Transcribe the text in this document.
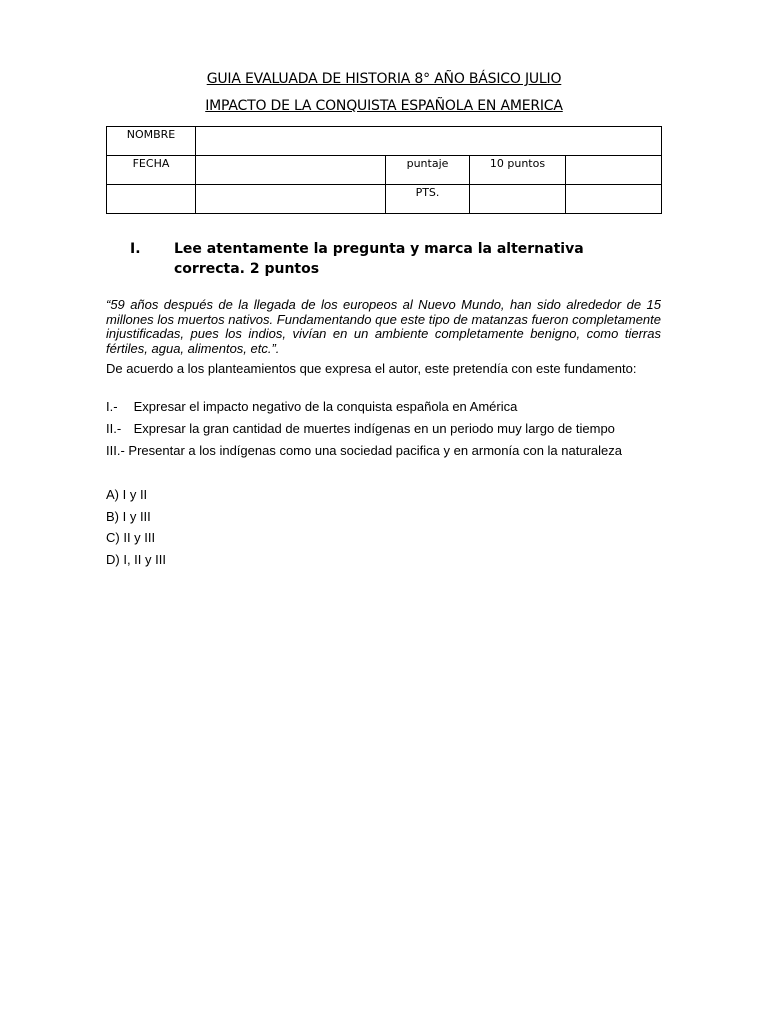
GUIA EVALUADA DE HISTORIA 8° AÑO BÁSICO JULIO
IMPACTO DE LA CONQUISTA ESPAÑOLA EN AMERICA
NOMBRE				
FECHA		puntaje	10 puntos	
		PTS.		
I. Lee atentamente la pregunta y marca la alternativa correcta. 2 puntos
“59 años después de la llegada de los europeos al Nuevo Mundo, han sido alrededor de 15 millones los muertos nativos. Fundamentando que este tipo de matanzas fueron completamente injustificadas, pues los indios, vivían en un ambiente completamente benigno, como tierras fértiles, agua, alimentos, etc.”.
De acuerdo a los planteamientos que expresa el autor, este pretendía con este fundamento:
I.- Expresar el impacto negativo de la conquista española en América
II.- Expresar la gran cantidad de muertes indígenas en un periodo muy largo de tiempo
III.- Presentar a los indígenas como una sociedad pacifica y en armonía con la naturaleza
A) I y II
B) I y III
C) II y III
D) I, II y III
